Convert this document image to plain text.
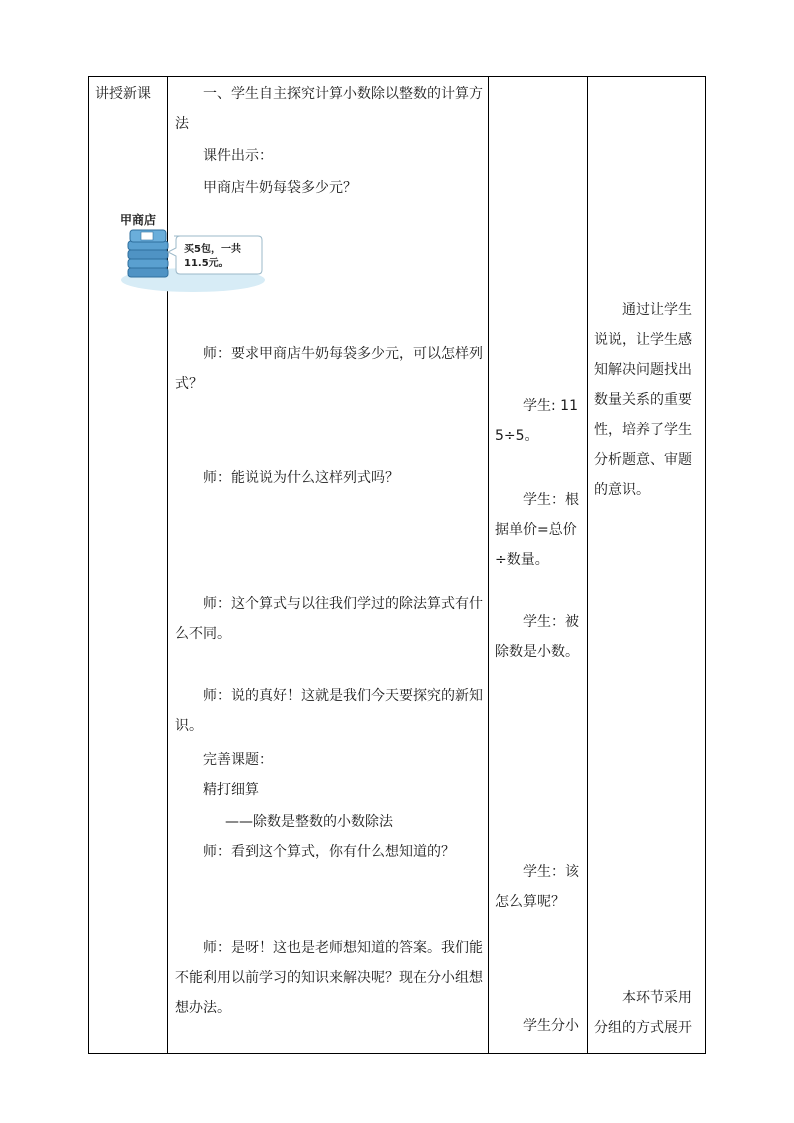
讲授新课	一、学生自主探究计算小数除以整数的计算方法
课件出示：
甲商店牛奶每袋多少元？
师：要求甲商店牛奶每袋多少元，可以怎样列式？
师：能说说为什么这样列式吗？
师：这个算式与以往我们学过的除法算式有什么不同。
师：说的真好！这就是我们今天要探究的新知识。
完善课题：
精打细算
——除数是整数的小数除法
师：看到这个算式，你有什么想知道的？
师：是呀！这也是老师想知道的答案。我们能不能利用以前学习的知识来解决呢？现在分小组想想办法。
学生: 115÷5。
学生：根据单价=总价÷数量。
学生：被除数是小数。
学生：该怎么算呢？
学生分小
通过让学生说说，让学生感知解决问题找出数量关系的重要性，培养了学生分析题意、审题的意识。
本环节采用分组的方式展开
甲商店
买5包，一共
11.5元。
